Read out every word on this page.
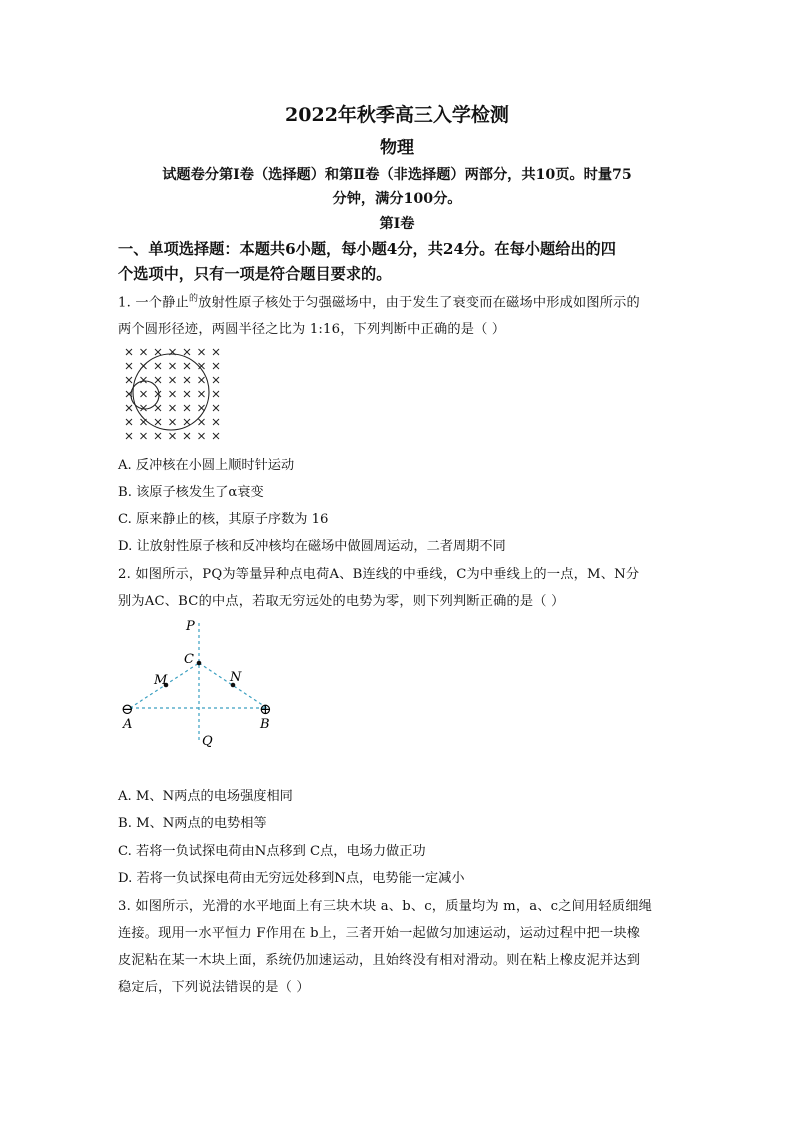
2022年秋季高三入学检测
物理
试题卷分第Ⅰ卷（选择题）和第Ⅱ卷（非选择题）两部分，共10页。时量75
分钟，满分100分。
第Ⅰ卷
一、单项选择题：本题共6小题，每小题4分，共24分。在每小题给出的四
个选项中，只有一项是符合题目要求的。
1. 一个静止$^的$放射性原子核处于匀强磁场中，由于发生了衰变而在磁场中形成如图所示的
两个圆形径迹，两圆半径之比为 1:16，下列判断中正确的是（ ）
A. 反冲核在小圆上顺时针运动
B. 该原子核发生了α衰变
C. 原来静止的核，其原子序数为 16
D. 让放射性原子核和反冲核均在磁场中做圆周运动，二者周期不同
2. 如图所示，PQ为等量异种点电荷A、B连线的中垂线，C为中垂线上的一点，M、N分
别为AC、BC的中点，若取无穷远处的电势为零，则下列判断正确的是（ ）
P
C
M	N
⊖	⊕
A	B
Q
A. M、N两点的电场强度相同
B. M、N两点的电势相等
C. 若将一负试探电荷由N点移到 C点，电场力做正功
D. 若将一负试探电荷由无穷远处移到N点，电势能一定减小
3. 如图所示，光滑的水平地面上有三块木块 a、b、c，质量均为 m，a、c之间用轻质细绳
连接。现用一水平恒力 F作用在 b上，三者开始一起做匀加速运动，运动过程中把一块橡
皮泥粘在某一木块上面，系统仍加速运动，且始终没有相对滑动。则在粘上橡皮泥并达到
稳定后，下列说法错误的是（ ）
